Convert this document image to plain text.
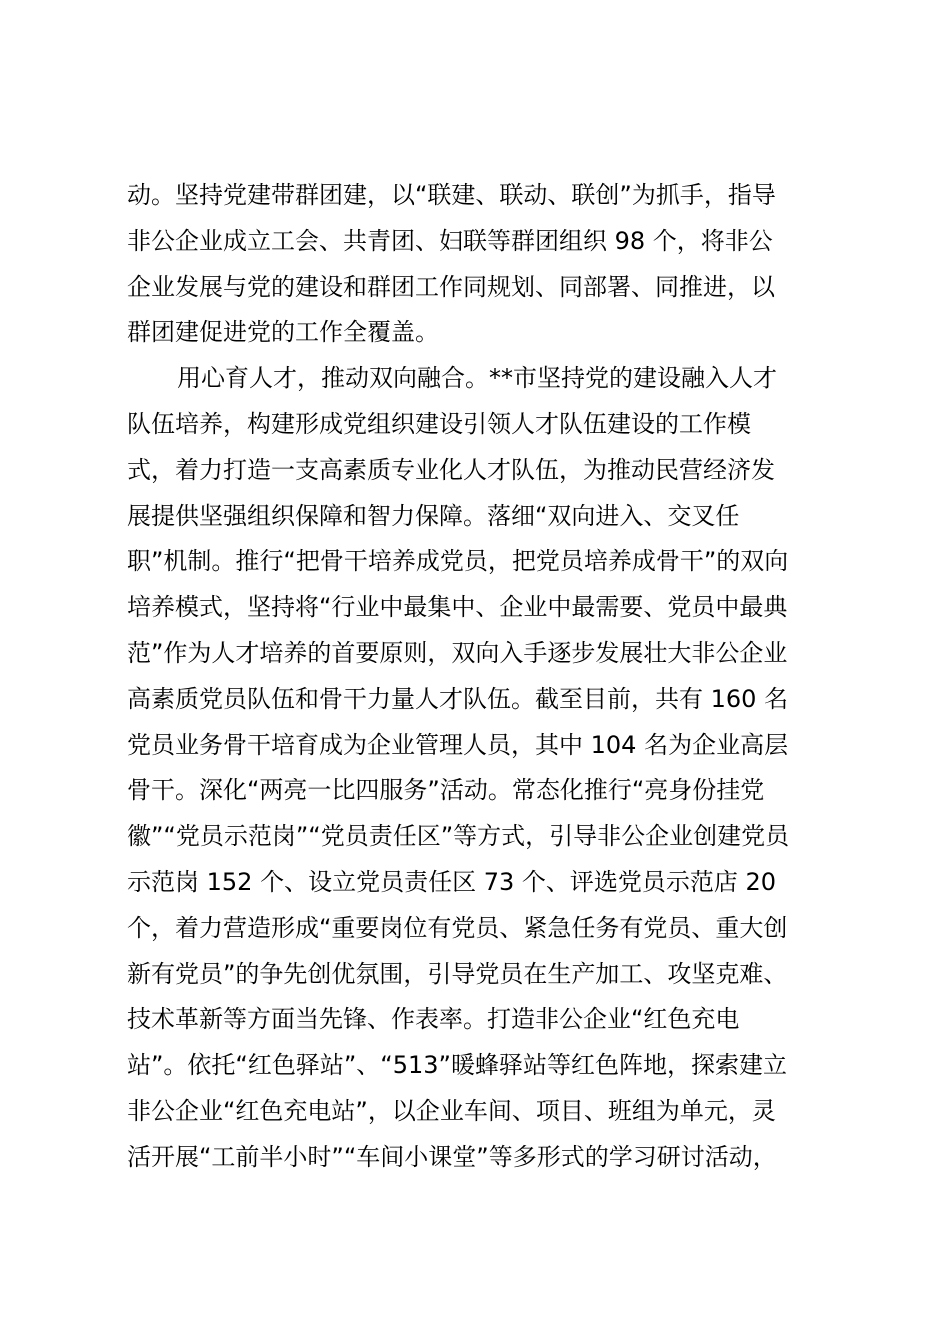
动。坚持党建带群团建，以“联建、联动、联创”为抓手，指导
非公企业成立工会、共青团、妇联等群团组织 98 个，将非公
企业发展与党的建设和群团工作同规划、同部署、同推进，以
群团建促进党的工作全覆盖。
用心育人才，推动双向融合。**市坚持党的建设融入人才
队伍培养，构建形成党组织建设引领人才队伍建设的工作模
式，着力打造一支高素质专业化人才队伍，为推动民营经济发
展提供坚强组织保障和智力保障。落细“双向进入、交叉任
职”机制。推行“把骨干培养成党员，把党员培养成骨干”的双向
培养模式，坚持将“行业中最集中、企业中最需要、党员中最典
范”作为人才培养的首要原则，双向入手逐步发展壮大非公企业
高素质党员队伍和骨干力量人才队伍。截至目前，共有 160 名
党员业务骨干培育成为企业管理人员，其中 104 名为企业高层
骨干。深化“两亮一比四服务”活动。常态化推行“亮身份挂党
徽”“党员示范岗”“党员责任区”等方式，引导非公企业创建党员
示范岗 152 个、设立党员责任区 73 个、评选党员示范店 20
个，着力营造形成“重要岗位有党员、紧急任务有党员、重大创
新有党员”的争先创优氛围，引导党员在生产加工、攻坚克难、
技术革新等方面当先锋、作表率。打造非公企业“红色充电
站”。依托“红色驿站”、“513”暖蜂驿站等红色阵地，探索建立
非公企业“红色充电站”，以企业车间、项目、班组为单元，灵
活开展“工前半小时”“车间小课堂”等多形式的学习研讨活动，
